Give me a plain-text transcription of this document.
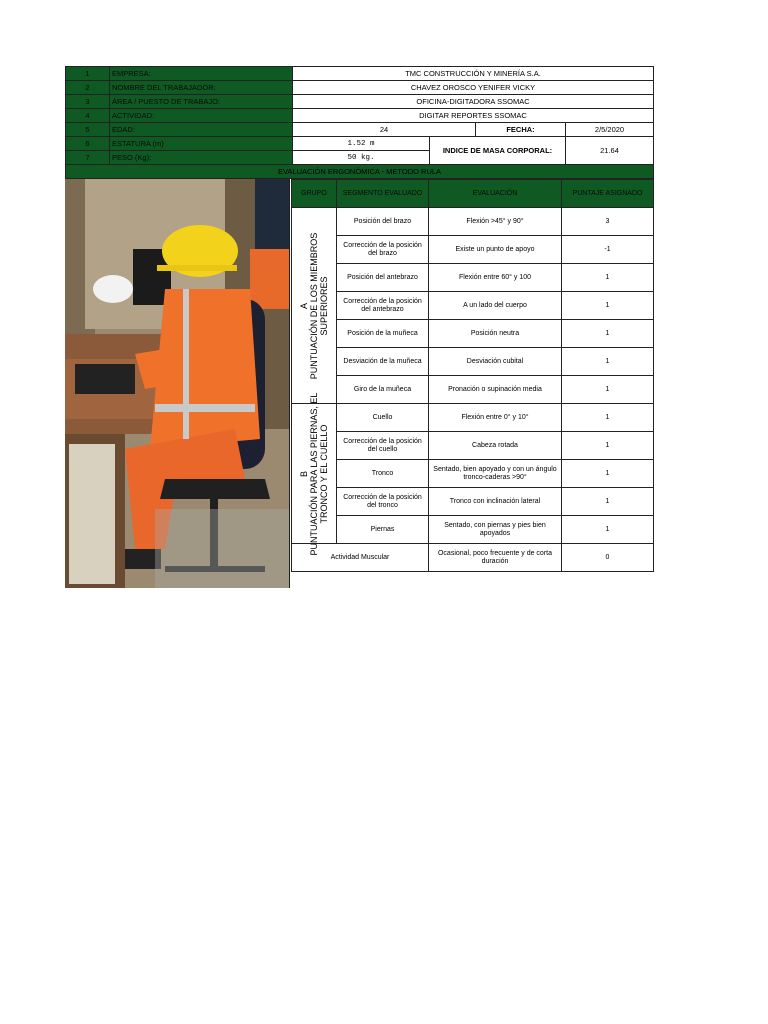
1	EMPRESA:	TMC CONSTRUCCIÓN Y MINERÍA S.A.			
2	NOMBRE DEL TRABAJADOR:	CHAVEZ OROSCO YENIFER VICKY			
3	ÁREA / PUESTO DE TRABAJO:	OFICINA-DIGITADORA SSOMAC			
4	ACTIVIDAD:	DIGITAR REPORTES SSOMAC			
5	EDAD:	24		FECHA:	2/5/2020
6	ESTATURA (m)	1.52 m	INDICE DE MASA CORPORAL:		21.64
7	PESO (Kg):	50 kg.			
EVALUACIÓN ERGONÓMICA - METODO RULA					
GRUPO	SEGMENTO EVALUADO	EVALUACIÓN	PUNTAJE ASIGNADO

A
PUNTUACIÓN DE LOS MIEMBROS SUPERIORES	Posición del brazo	Flexión >45° y 90°	3
	Corrección de la posición del brazo	Existe un punto de apoyo	-1
	Posición del antebrazo	Flexión entre 60° y 100	1
	Corrección de la posición del antebrazo	A un lado del cuerpo	1
	Posición de la muñeca	Posición neutra	1
	Desviación de la muñeca	Desviación cubital	1
	Giro de la muñeca	Pronación o supinación media	1

B
PUNTUACIÓN PARA LAS PIERNAS, EL TRONCO Y EL CUELLO	Cuello	Flexión entre 0° y 10°	1
	Corrección de la posición del cuello	Cabeza rotada	1
	Tronco	Sentado, bien apoyado y con un ángulo tronco-caderas >90°	1
	Corrección de la posición del tronco	Tronco con inclinación lateral	1
	Piernas	Sentado, con piernas y pies bien apoyados	1
Actividad Muscular		Ocasional, poco frecuente y de corta duración	0
